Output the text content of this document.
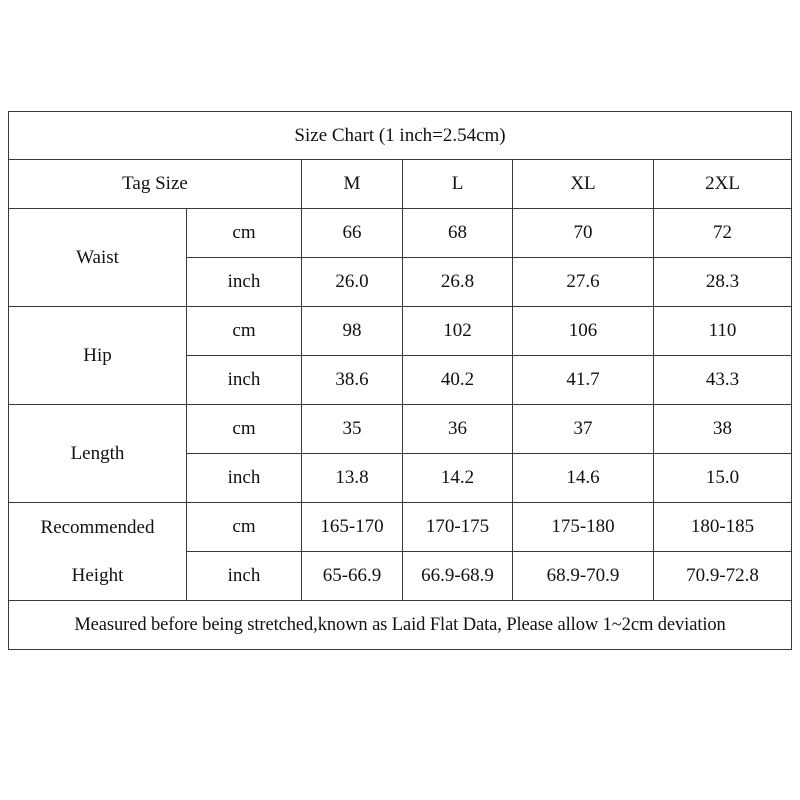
Size Chart (1 inch=2.54cm)					
Tag Size		M	L	XL	2XL
Waist	cm	66	68	70	72
	inch	26.0	26.8	27.6	28.3
Hip	cm	98	102	106	110
	inch	38.6	40.2	41.7	43.3
Length	cm	35	36	37	38
	inch	13.8	14.2	14.6	15.0

Recommended
Height	cm	165-170	170-175	175-180	180-185
	inch	65-66.9	66.9-68.9	68.9-70.9	70.9-72.8
Measured before being stretched,known as Laid Flat Data, Please allow 1~2cm deviation					
